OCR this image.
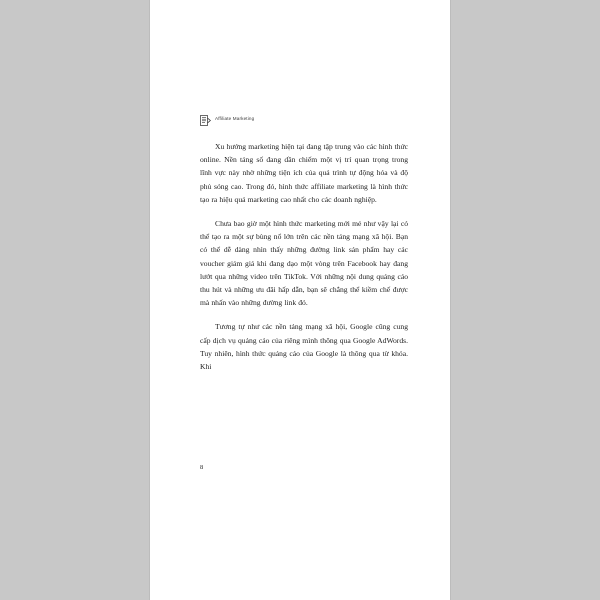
Affiliate Marketing

Xu hướng marketing hiện tại đang tập trung vào các hình thức online. Nền tảng số đang dần chiếm một vị trí quan trọng trong lĩnh vực này nhờ những tiện ích của quá trình tự động hóa và độ phủ sóng cao. Trong đó, hình thức affiliate marketing là hình thức tạo ra hiệu quả marketing cao nhất cho các doanh nghiệp.

Chưa bao giờ một hình thức marketing mới mẻ như vậy lại có thể tạo ra một sự bùng nổ lớn trên các nền tảng mạng xã hội. Bạn có thể dễ dàng nhìn thấy những đường link sản phẩm hay các voucher giảm giá khi đang dạo một vòng trên Facebook hay đang lướt qua những video trên TikTok. Với những nội dung quảng cáo thu hút và những ưu đãi hấp dẫn, bạn sẽ chẳng thể kiềm chế được mà nhấn vào những đường link đó.

Tương tự như các nền tảng mạng xã hội, Google cũng cung cấp dịch vụ quảng cáo của riêng mình thông qua Google AdWords. Tuy nhiên, hình thức quảng cáo của Google là thông qua từ khóa. Khi

8
